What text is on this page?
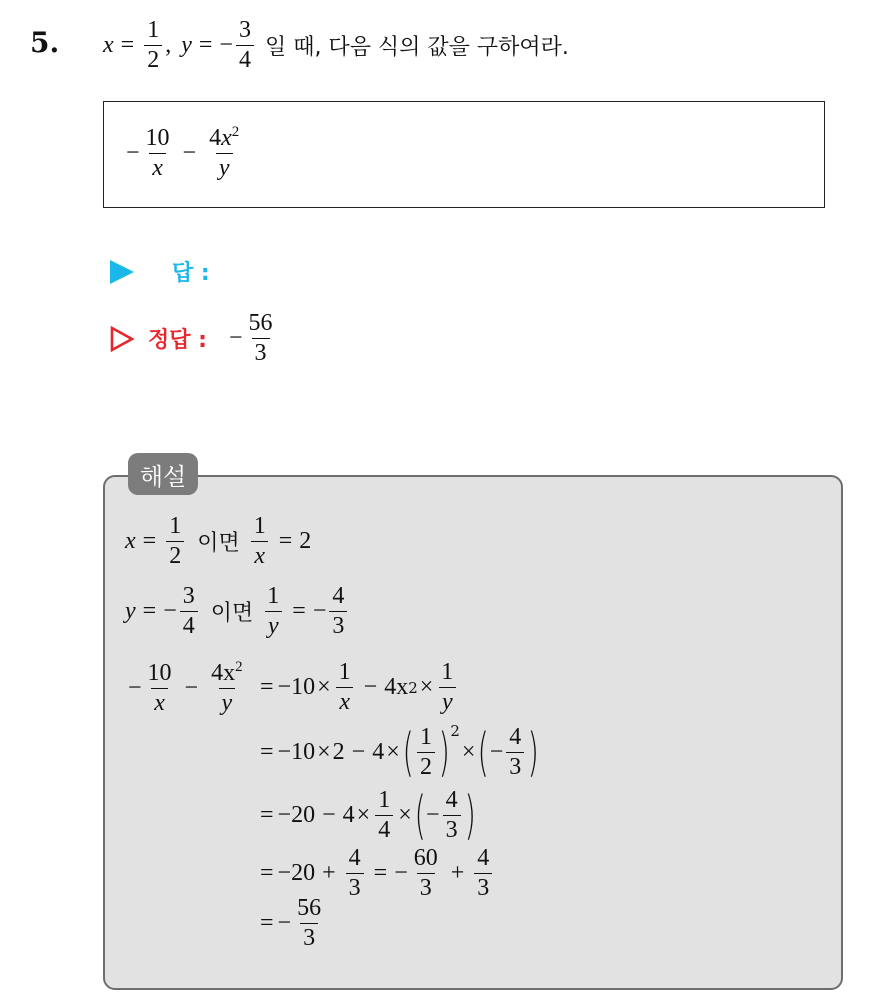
5. $x = \frac{1}{2}$ , y = − $\frac{3}{4}$ 일 때, 다음 식의 값을 구하여라.
− $\frac{10}{x} - \frac{4x^2}{y}$
답 :
정답 : − $\frac{56}{3}$
해설
$x = \frac{1}{2}$ 이면 $\frac{1}{x} = 2$
y = − $\frac{3}{4}$ 이면 $\frac{1}{y}$ = − $\frac{4}{3}$
− $\frac{10}{x} - \frac{4x^2}{y} = -10 \times \frac{1}{x} - 4x$ $2 \times \frac{1}{y}$
= −10 × 2 − 4 × ( $\frac{1}{2} )^2$
× ( − $\frac{4}{3}$ )
= $-20 - 4 \times \frac{1}{4}$ × ( − $\frac{4}{3}$ )
= $-20 + \frac{4}{3}$ = − $\frac{60}{3} + \frac{4}{3}$
= − $\frac{56}{3}$
